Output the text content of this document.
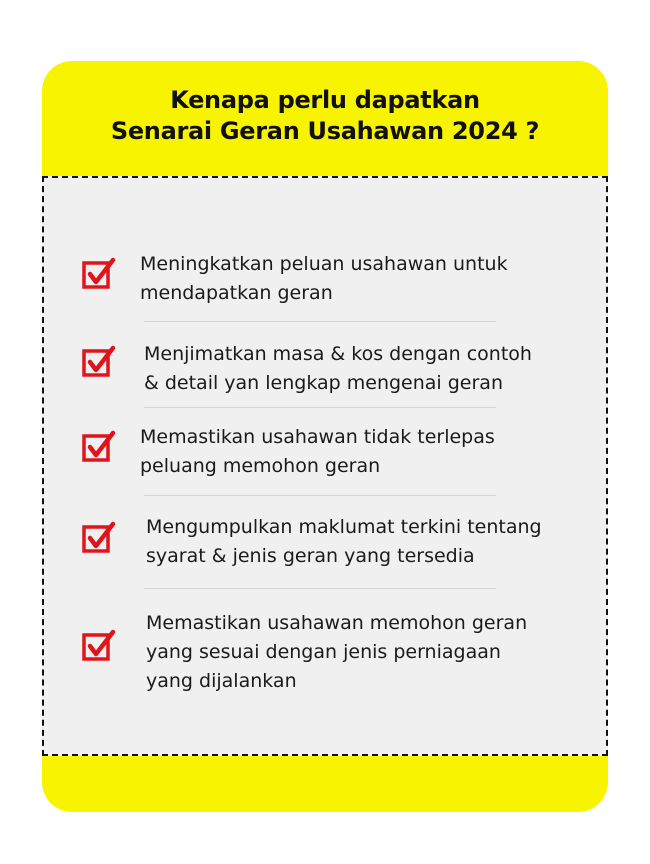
Kenapa perlu dapatkan
Senarai Geran Usahawan 2024 ?
Meningkatkan peluan usahawan untuk
mendapatkan geran
Menjimatkan masa & kos dengan contoh
& detail yan lengkap mengenai geran
Memastikan usahawan tidak terlepas
peluang memohon geran
Mengumpulkan maklumat terkini tentang
syarat & jenis geran yang tersedia
Memastikan usahawan memohon geran
yang sesuai dengan jenis perniagaan
yang dijalankan
